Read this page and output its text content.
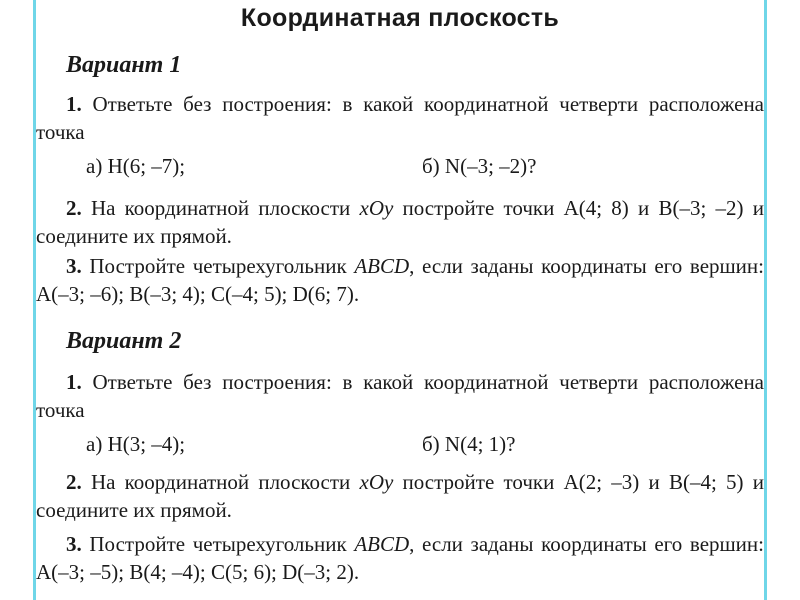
Координатная плоскость
Вариант 1
1. Ответьте без построения: в какой координатной четверти расположена точка
а) Н(6; –7);	б) N(–3; –2)?
2. На координатной плоскости xOy постройте точки A(4; 8) и B(–3; –2) и соедините их прямой.
3. Постройте четырехугольник ABCD, если заданы координаты его вершин: A(–3; –6); B(–3; 4); C(–4; 5); D(6; 7).
Вариант 2
1. Ответьте без построения: в какой координатной четверти расположена точка
а) Н(3; –4);	б) N(4; 1)?
2. На координатной плоскости xOy постройте точки A(2; –3) и B(–4; 5) и соедините их прямой.
3. Постройте четырехугольник ABCD, если заданы координаты его вершин: A(–3; –5); B(4; –4); C(5; 6); D(–3; 2).
